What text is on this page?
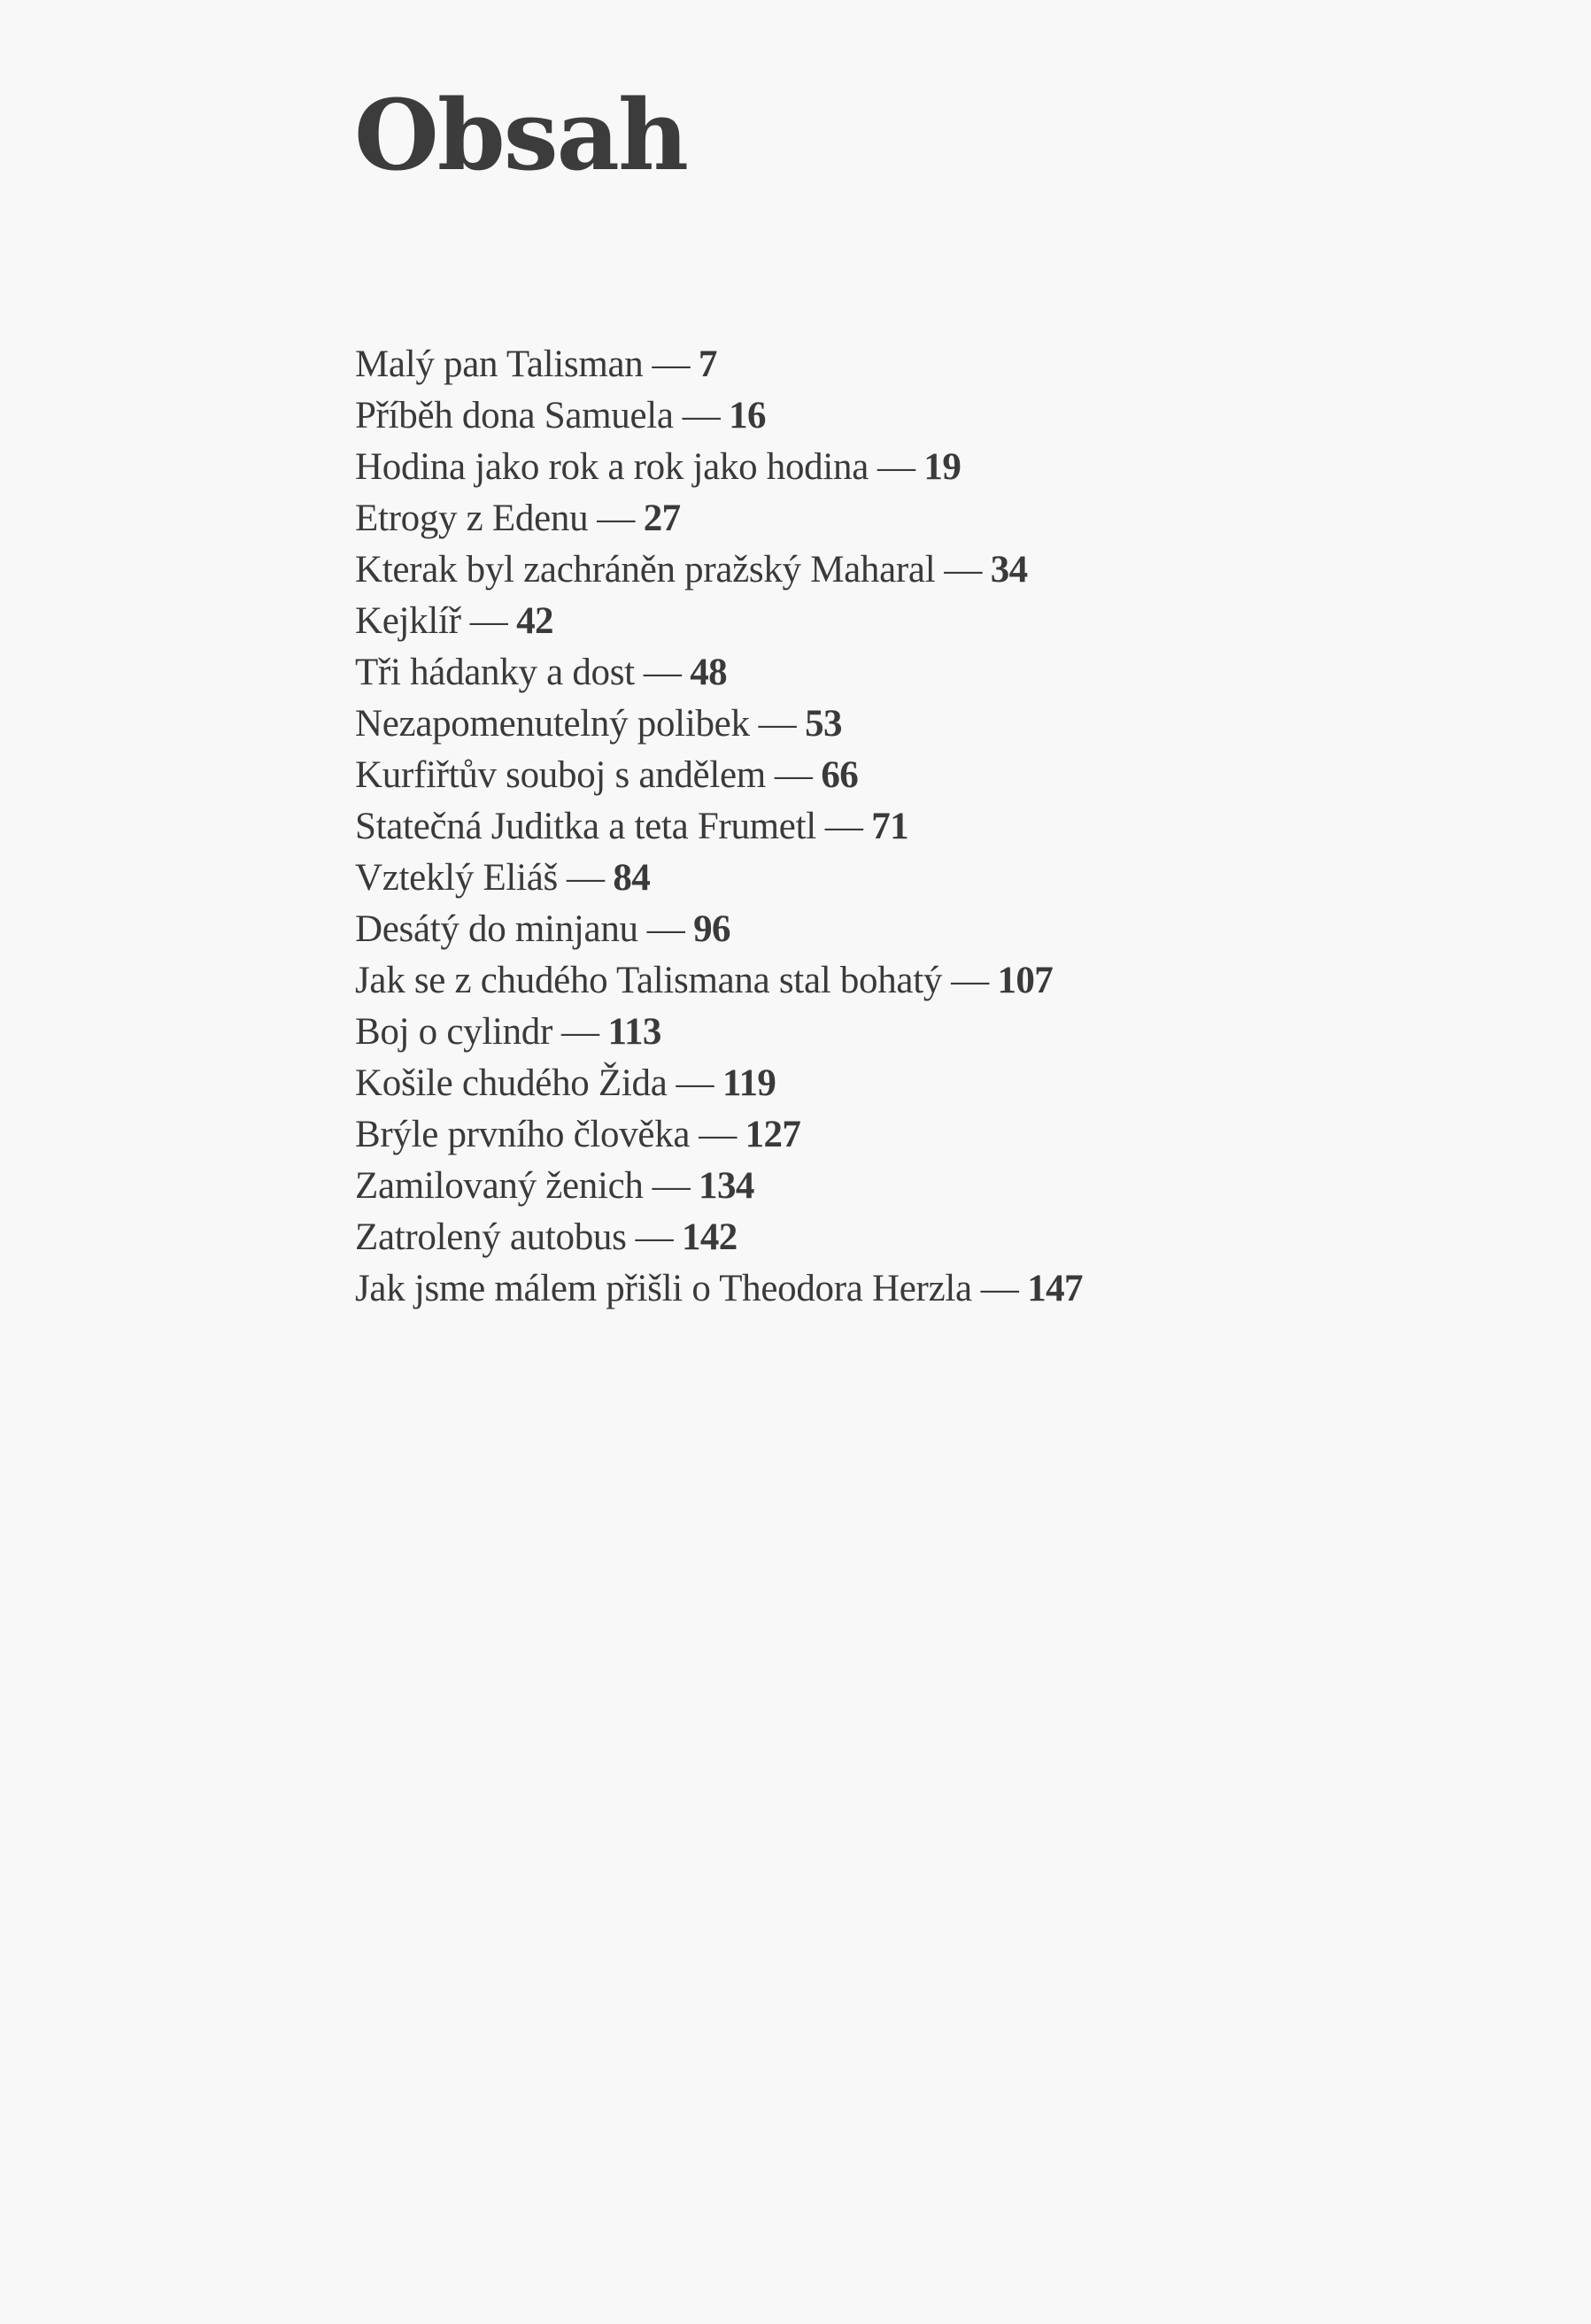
Obsah
Malý pan Talisman — 7
Příběh dona Samuela — 16
Hodina jako rok a rok jako hodina — 19
Etrogy z Edenu — 27
Kterak byl zachráněn pražský Maharal — 34
Kejklíř — 42
Tři hádanky a dost — 48
Nezapomenutelný polibek — 53
Kurfiřtův souboj s andělem — 66
Statečná Juditka a teta Frumetl — 71
Vzteklý Eliáš — 84
Desátý do minjanu — 96
Jak se z chudého Talismana stal bohatý — 107
Boj o cylindr — 113
Košile chudého Žida — 119
Brýle prvního člověka — 127
Zamilovaný ženich — 134
Zatrolený autobus — 142
Jak jsme málem přišli o Theodora Herzla — 147
